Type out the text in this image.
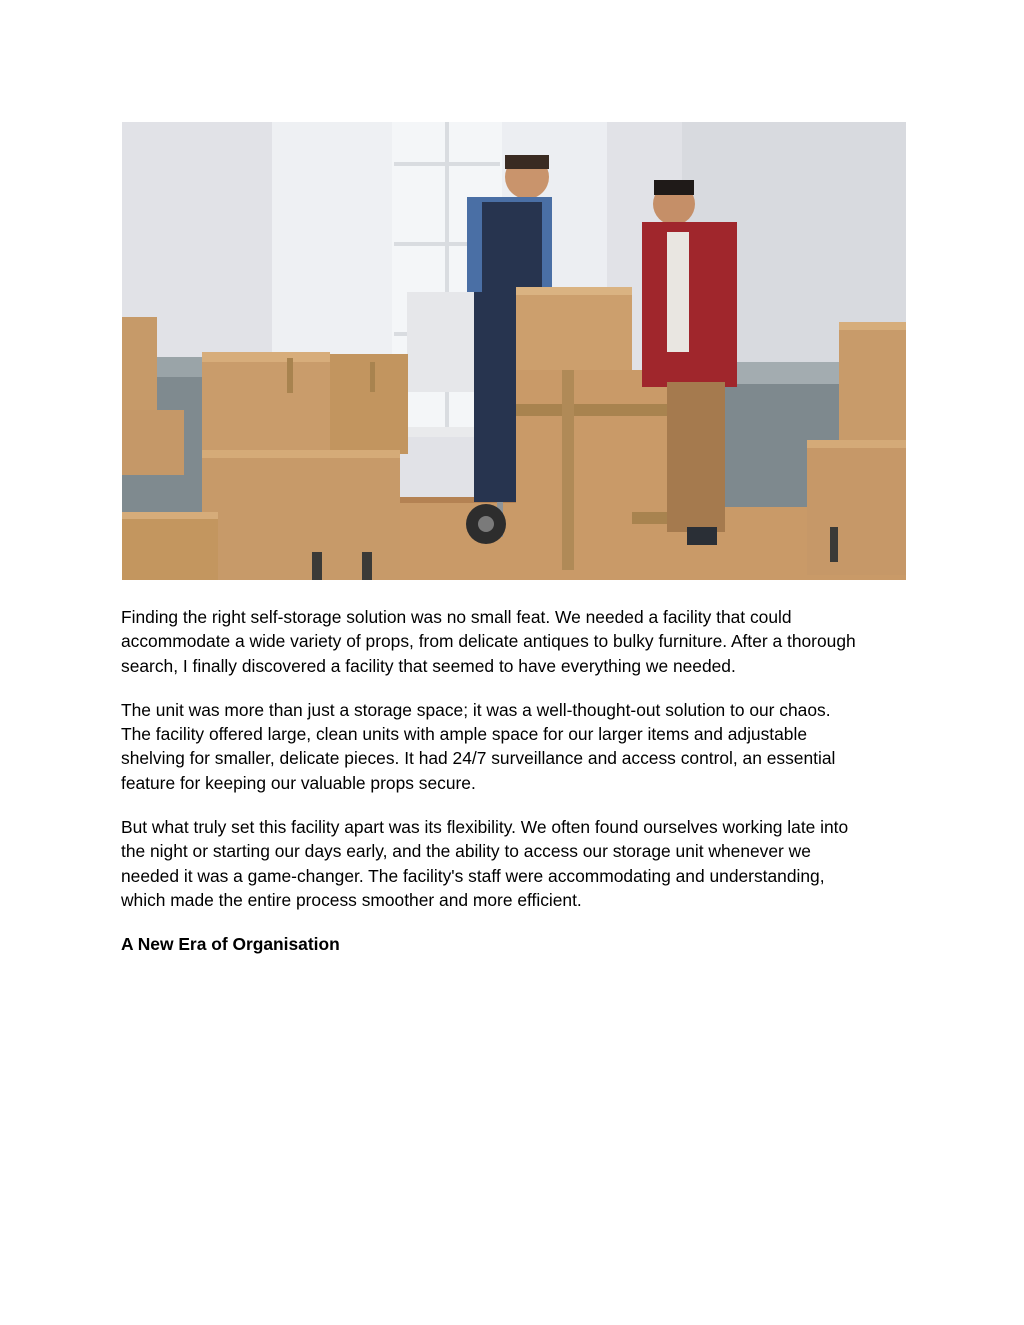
Finding the right self-storage solution was no small feat. We needed a facility that could
accommodate a wide variety of props, from delicate antiques to bulky furniture. After a thorough
search, I finally discovered a facility that seemed to have everything we needed.

The unit was more than just a storage space; it was a well-thought-out solution to our chaos.
The facility offered large, clean units with ample space for our larger items and adjustable
shelving for smaller, delicate pieces. It had 24/7 surveillance and access control, an essential
feature for keeping our valuable props secure.

But what truly set this facility apart was its flexibility. We often found ourselves working late into
the night or starting our days early, and the ability to access our storage unit whenever we
needed it was a game-changer. The facility's staff were accommodating and understanding,
which made the entire process smoother and more efficient.

A New Era of Organisation
